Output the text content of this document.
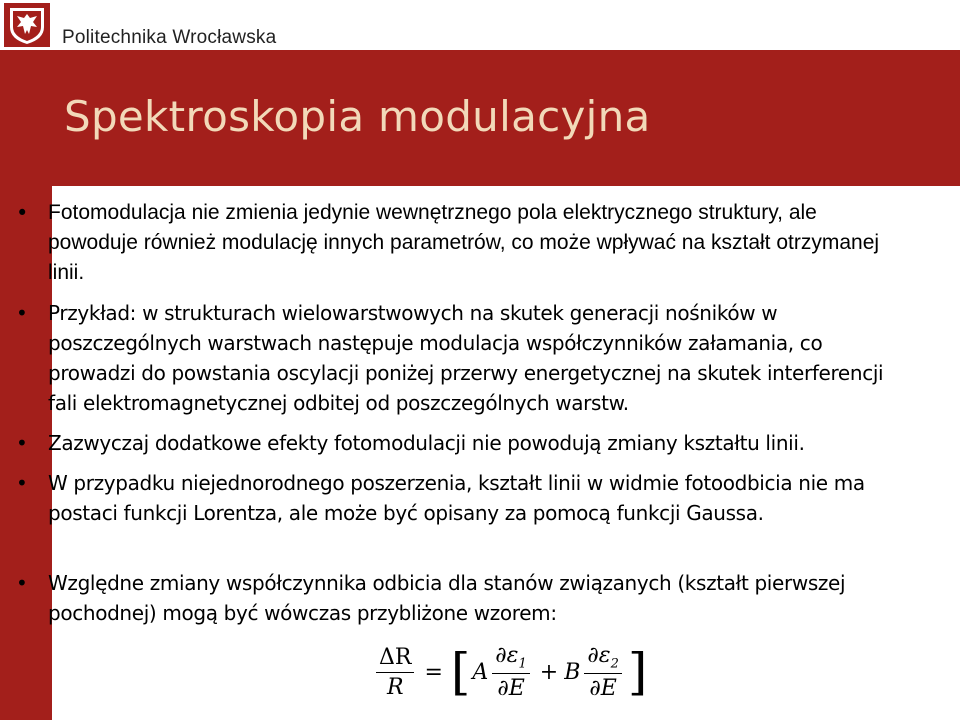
Politechnika Wrocławska
Spektroskopia modulacyjna
• Fotomodulacja nie zmienia jedynie wewnętrznego pola elektrycznego struktury, ale powoduje również modulację innych parametrów, co może wpływać na kształt otrzymanej linii.
• Przykład: w strukturach wielowarstwowych na skutek generacji nośników w poszczególnych warstwach następuje modulacja współczynników załamania, co prowadzi do powstania oscylacji poniżej przerwy energetycznej na skutek interferencji fali elektromagnetycznej odbitej od poszczególnych warstw.
• Zazwyczaj dodatkowe efekty fotomodulacji nie powodują zmiany kształtu linii.
• W przypadku niejednorodnego poszerzenia, kształt linii w widmie fotoodbicia nie ma postaci funkcji Lorentza, ale może być opisany za pomocą funkcji Gaussa.
• Względne zmiany współczynnika odbicia dla stanów związanych (kształt pierwszej pochodnej) mogą być wówczas przybliżone wzorem:
$\frac{\Delta R}{R}$ = [ A $\frac{\partial\varepsilon_1}{\partial E} + B \frac{\partial\varepsilon_2}{\partial E}$ ]
